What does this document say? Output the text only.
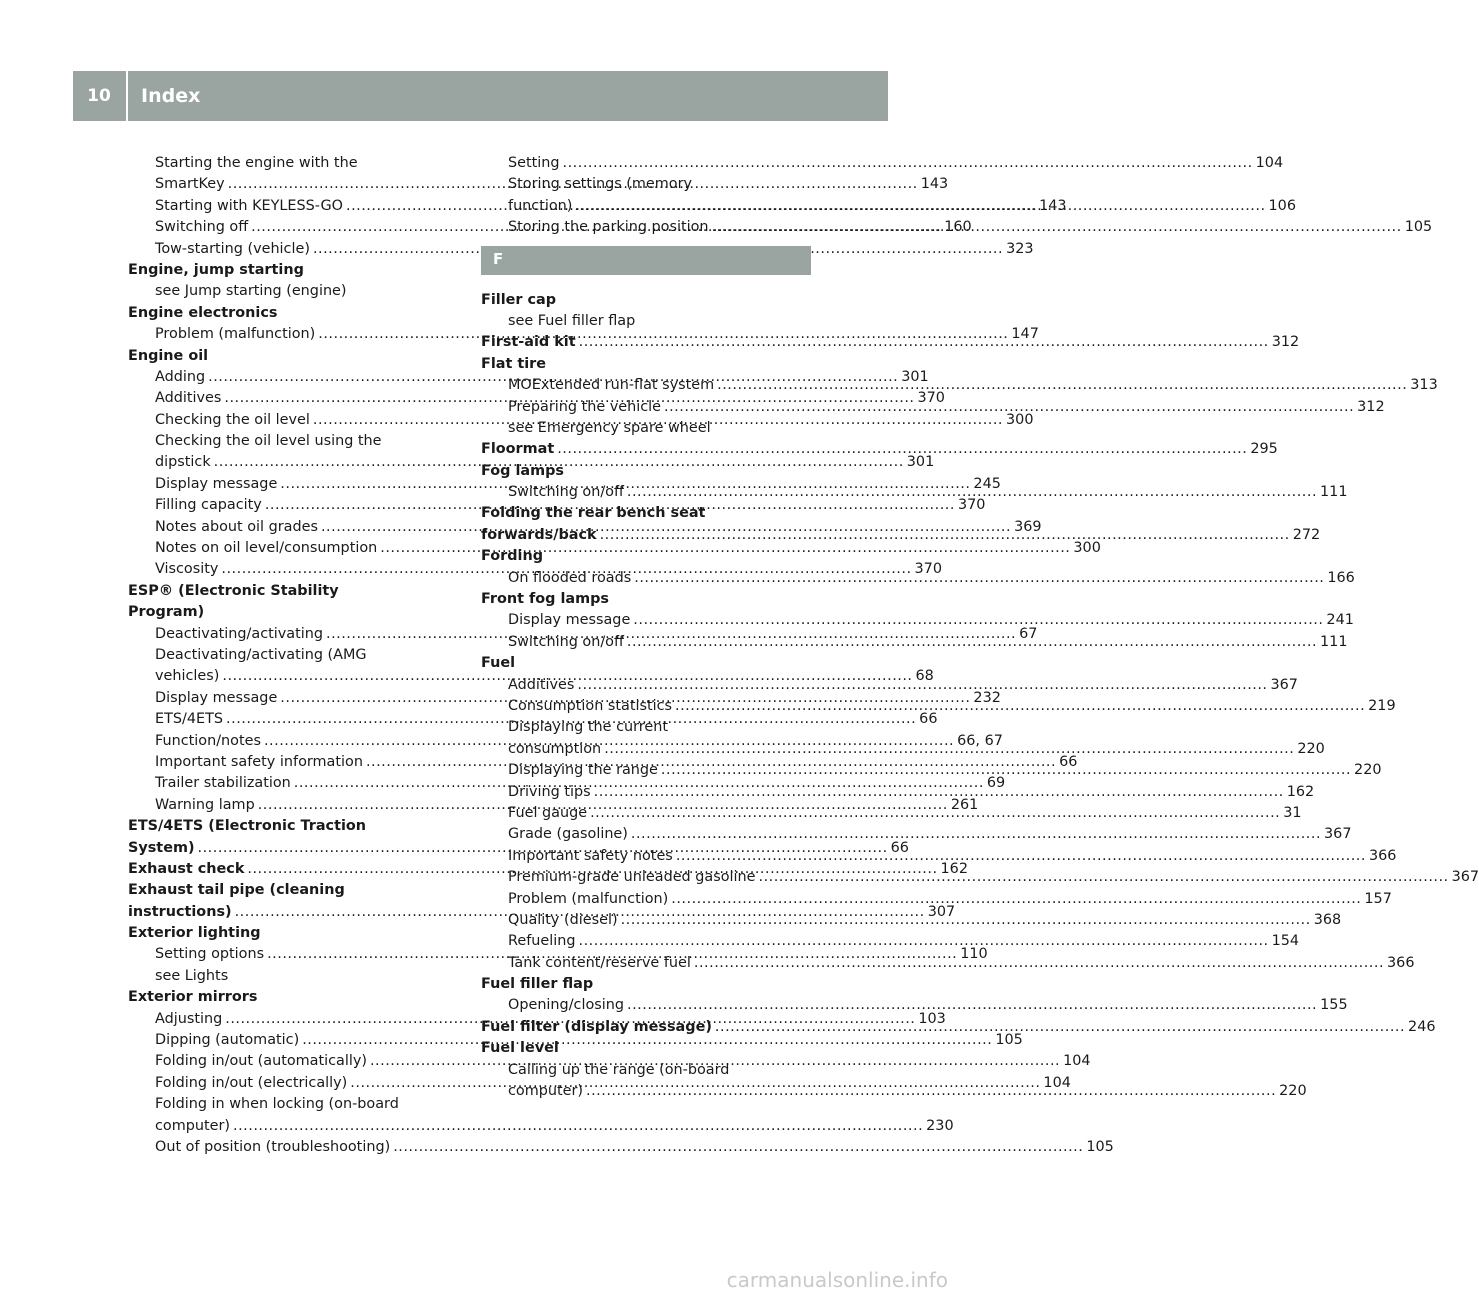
10	Index
Starting the engine with the
SmartKey .....	143
Starting with KEYLESS-GO .....	143
Switching off .....	160
Tow-starting (vehicle) .....	323
Engine, jump starting
see Jump starting (engine)
Engine electronics
Problem (malfunction) .....	147
Engine oil
Adding .....	301
Additives .....	370
Checking the oil level .....	300
Checking the oil level using the
dipstick .....	301
Display message .....	245
Filling capacity .....	370
Notes about oil grades .....	369
Notes on oil level/consumption .....	300
Viscosity .....	370
ESP® (Electronic Stability
Program)
Deactivating/activating .....	67
Deactivating/activating (AMG
vehicles) .....	68
Display message .....	232
ETS/4ETS .....	66
Function/notes .....	66, 67
Important safety information .....	66
Trailer stabilization .....	69
Warning lamp .....	261
ETS/4ETS (Electronic Traction
System) .....	66
Exhaust check .....	162
Exhaust tail pipe (cleaning
instructions) .....	307
Exterior lighting
Setting options .....	110
see Lights
Exterior mirrors
Adjusting .....	103
Dipping (automatic) .....	105
Folding in/out (automatically) .....	104
Folding in/out (electrically) .....	104
Folding in when locking (on-board
computer) .....	230
Out of position (troubleshooting) .....	105
Setting .....	104
Storing settings (memory
function) .....	106
Storing the parking position .....	105
F
Filler cap
see Fuel filler flap
First-aid kit .....	312
Flat tire
MOExtended run-flat system .....	313
Preparing the vehicle .....	312
see Emergency spare wheel
Floormat .....	295
Fog lamps
Switching on/off .....	111
Folding the rear bench seat
forwards/back .....	272
Fording
On flooded roads .....	166
Front fog lamps
Display message .....	241
Switching on/off .....	111
Fuel
Additives .....	367
Consumption statistics .....	219
Displaying the current
consumption .....	220
Displaying the range .....	220
Driving tips .....	162
Fuel gauge .....	31
Grade (gasoline) .....	367
Important safety notes .....	366
Premium-grade unleaded gasoline .....	367
Problem (malfunction) .....	157
Quality (diesel) .....	368
Refueling .....	154
Tank content/reserve fuel .....	366
Fuel filler flap
Opening/closing .....	155
Fuel filter (display message) .....	246
Fuel level
Calling up the range (on-board
computer) .....	220
carmanualsonline.info
